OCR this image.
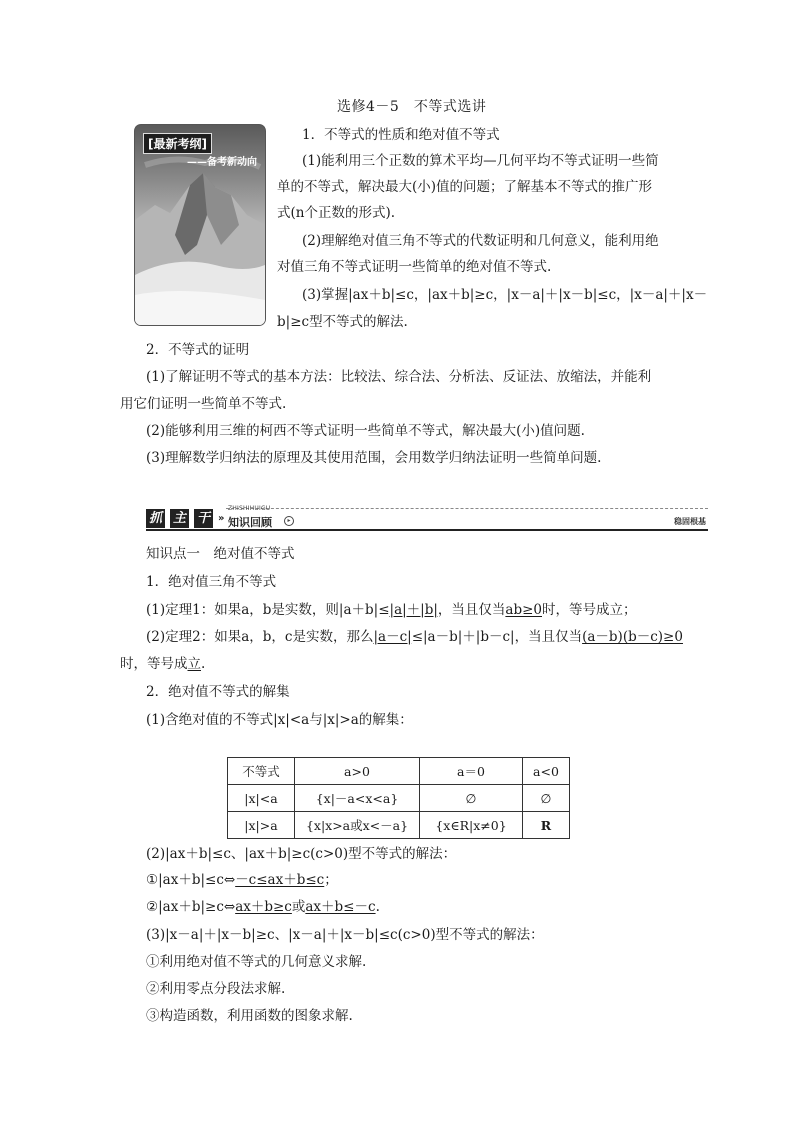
选修4－5　不等式选讲
[最新考纲]
——备考新动向
1．不等式的性质和绝对值不等式
(1)能利用三个正数的算术平均—几何平均不等式证明一些简
单的不等式，解决最大(小)值的问题；了解基本不等式的推广形
式(n个正数的形式).
(2)理解绝对值三角不等式的代数证明和几何意义，能利用绝
对值三角不等式证明一些简单的绝对值不等式.
(3)掌握|ax＋b|≤c，|ax＋b|≥c，|x－a|＋|x－b|≤c，|x－a|＋|x－
b|≥c型不等式的解法.
2．不等式的证明
(1)了解证明不等式的基本方法：比较法、综合法、分析法、反证法、放缩法，并能利
用它们证明一些简单不等式.
(2)能够利用三维的柯西不等式证明一些简单不等式，解决最大(小)值问题.
(3)理解数学归纳法的原理及其使用范围，会用数学归纳法证明一些简单问题.
抓 主 干
ZHISHIHUIGU
» 知识回顾	▸	稳固根基
知识点一　绝对值不等式
1．绝对值三角不等式
(1)定理1：如果a，b是实数，则|a＋b|≤|a|＋|b|，当且仅当ab≥0时，等号成立；
(2)定理2：如果a，b，c是实数，那么|a－c|≤|a－b|＋|b－c|，当且仅当(a－b)(b－c)≥0
时，等号成立.
2．绝对值不等式的解集
(1)含绝对值的不等式|x|<a与|x|>a的解集：
不等式	a>0	a＝0	a<0
|x|<a	{x|－a<x<a}	∅	∅
|x|>a	{x|x>a或x<－a}	{x∈R|x≠0}	R
(2)|ax＋b|≤c、|ax＋b|≥c(c>0)型不等式的解法：
①|ax＋b|≤c⇔－c≤ax＋b≤c；
②|ax＋b|≥c⇔ax＋b≥c或ax＋b≤－c.
(3)|x－a|＋|x－b|≥c、|x－a|＋|x－b|≤c(c>0)型不等式的解法：
①利用绝对值不等式的几何意义求解.
②利用零点分段法求解.
③构造函数，利用函数的图象求解.
